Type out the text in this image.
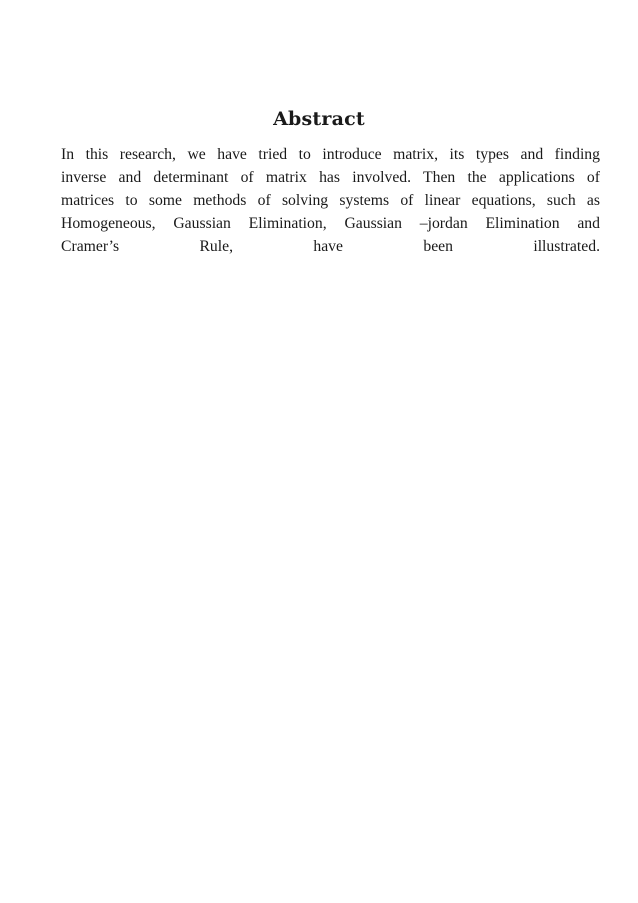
Abstract
In this research, we have tried to introduce matrix, its types and finding
inverse and determinant of matrix has involved. Then the applications of
matrices to some methods of solving systems of linear equations, such as
Homogeneous, Gaussian Elimination, Gaussian –jordan Elimination and
Cramer’s Rule, have been illustrated.
